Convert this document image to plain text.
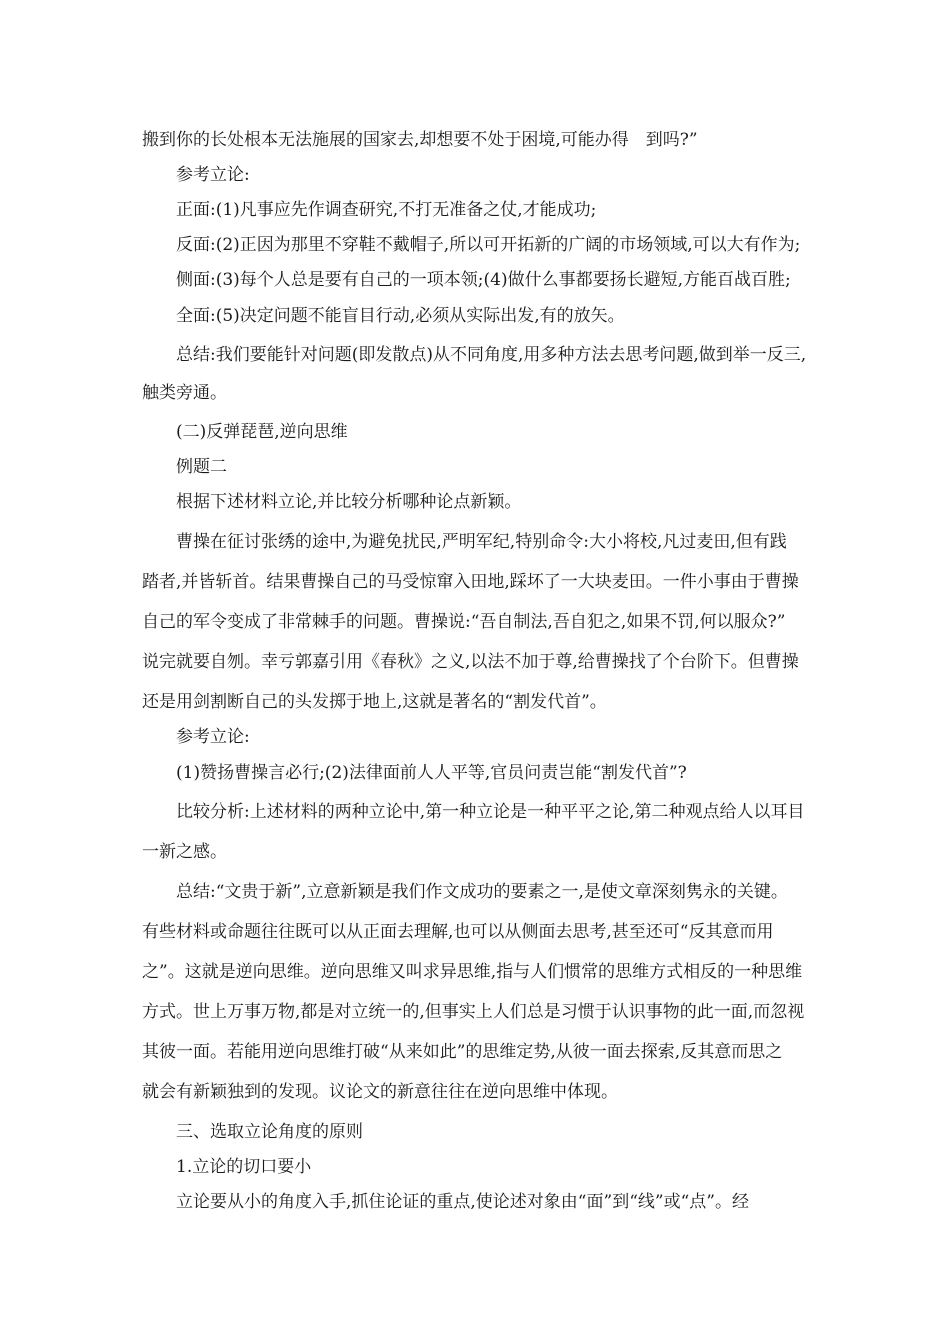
搬到你的长处根本无法施展的国家去,却想要不处于困境,可能办得　到吗?”
参考立论:
正面:(1)凡事应先作调查研究,不打无准备之仗,才能成功;
反面:(2)正因为那里不穿鞋不戴帽子,所以可开拓新的广阔的市场领域,可以大有作为;
侧面:(3)每个人总是要有自己的一项本领;(4)做什么事都要扬长避短,方能百战百胜;
全面:(5)决定问题不能盲目行动,必须从实际出发,有的放矢。
总结:我们要能针对问题(即发散点)从不同角度,用多种方法去思考问题,做到举一反三,
触类旁通。
(二)反弹琵琶,逆向思维
例题二
根据下述材料立论,并比较分析哪种论点新颖。
曹操在征讨张绣的途中,为避免扰民,严明军纪,特别命令:大小将校,凡过麦田,但有践
踏者,并皆斩首。结果曹操自己的马受惊窜入田地,踩坏了一大块麦田。一件小事由于曹操
自己的军令变成了非常棘手的问题。曹操说:“吾自制法,吾自犯之,如果不罚,何以服众?”
说完就要自刎。幸亏郭嘉引用《春秋》之义,以法不加于尊,给曹操找了个台阶下。但曹操
还是用剑割断自己的头发掷于地上,这就是著名的“割发代首”。
参考立论:
(1)赞扬曹操言必行;(2)法律面前人人平等,官员问责岂能“割发代首”?
比较分析:上述材料的两种立论中,第一种立论是一种平平之论,第二种观点给人以耳目
一新之感。
总结:“文贵于新”,立意新颖是我们作文成功的要素之一,是使文章深刻隽永的关键。
有些材料或命题往往既可以从正面去理解,也可以从侧面去思考,甚至还可“反其意而用
之”。这就是逆向思维。逆向思维又叫求异思维,指与人们惯常的思维方式相反的一种思维
方式。世上万事万物,都是对立统一的,但事实上人们总是习惯于认识事物的此一面,而忽视
其彼一面。若能用逆向思维打破“从来如此”的思维定势,从彼一面去探索,反其意而思之
就会有新颖独到的发现。议论文的新意往往在逆向思维中体现。
三、选取立论角度的原则
1.立论的切口要小
立论要从小的角度入手,抓住论证的重点,使论述对象由“面”到“线”或“点”。经
